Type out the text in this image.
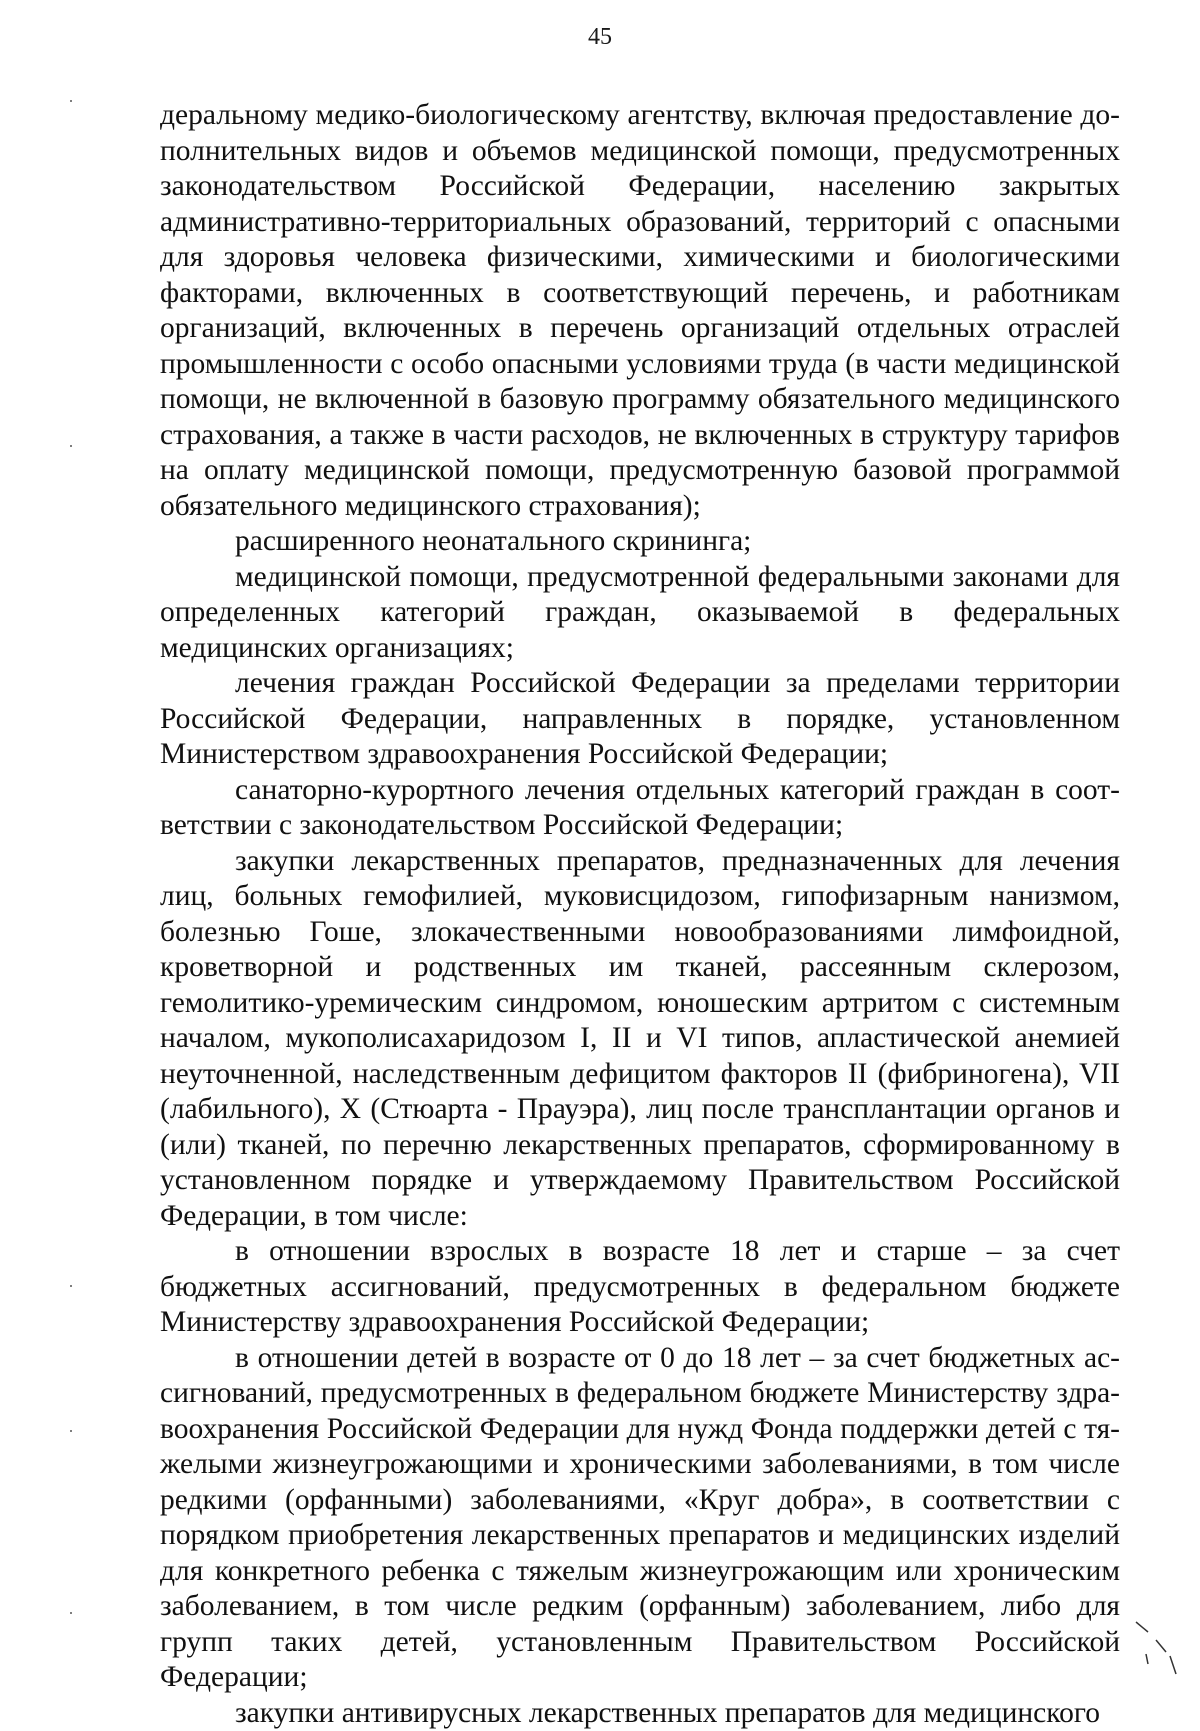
45

деральному медико-биологическому агентству, включая предоставление дополнительных видов и объемов медицинской помощи, предусмотренных законодательством Российской Федерации, населению закрытых административно-территориальных образований, территорий с опасными для здоровья человека физическими, химическими и биологическими факторами, включенных в соответствующий перечень, и работникам организаций, включенных в перечень организаций отдельных отраслей промышленности с особо опасными условиями труда (в части медицинской помощи, не включенной в базовую программу обязательного медицинского страхования, а также в части расходов, не включенных в структуру тарифов на оплату медицинской помощи, предусмотренную базовой программой обязательного медицинского страхования);

расширенного неонатального скрининга;

медицинской помощи, предусмотренной федеральными законами для определенных категорий граждан, оказываемой в федеральных медицинских организациях;

лечения граждан Российской Федерации за пределами территории Российской Федерации, направленных в порядке, установленном Министерством здравоохранения Российской Федерации;

санаторно-курортного лечения отдельных категорий граждан в соответствии с законодательством Российской Федерации;

закупки лекарственных препаратов, предназначенных для лечения лиц, больных гемофилией, муковисцидозом, гипофизарным нанизмом, болезнью Гоше, злокачественными новообразованиями лимфоидной, кроветворной и родственных им тканей, рассеянным склерозом, гемолитико-уремическим синдромом, юношеским артритом с системным началом, мукополисахаридозом I, II и VI типов, апластической анемией неуточненной, наследственным дефицитом факторов II (фибриногена), VII (лабильного), X (Стюарта - Прауэра), лиц после трансплантации органов и (или) тканей, по перечню лекарственных препаратов, сформированному в установленном порядке и утверждаемому Правительством Российской Федерации, в том числе:

в отношении взрослых в возрасте 18 лет и старше – за счет бюджетных ассигнований, предусмотренных в федеральном бюджете Министерству здравоохранения Российской Федерации;

в отношении детей в возрасте от 0 до 18 лет – за счет бюджетных ассигнований, предусмотренных в федеральном бюджете Министерству здравоохранения Российской Федерации для нужд Фонда поддержки детей с тяжелыми жизнеугрожающими и хроническими заболеваниями, в том числе редкими (орфанными) заболеваниями, «Круг добра», в соответствии с порядком приобретения лекарственных препаратов и медицинских изделий для конкретного ребенка с тяжелым жизнеугрожающим или хроническим заболеванием, в том числе редким (орфанным) заболеванием, либо для групп таких детей, установленным Правительством Российской Федерации;

закупки антивирусных лекарственных препаратов для медицинского
